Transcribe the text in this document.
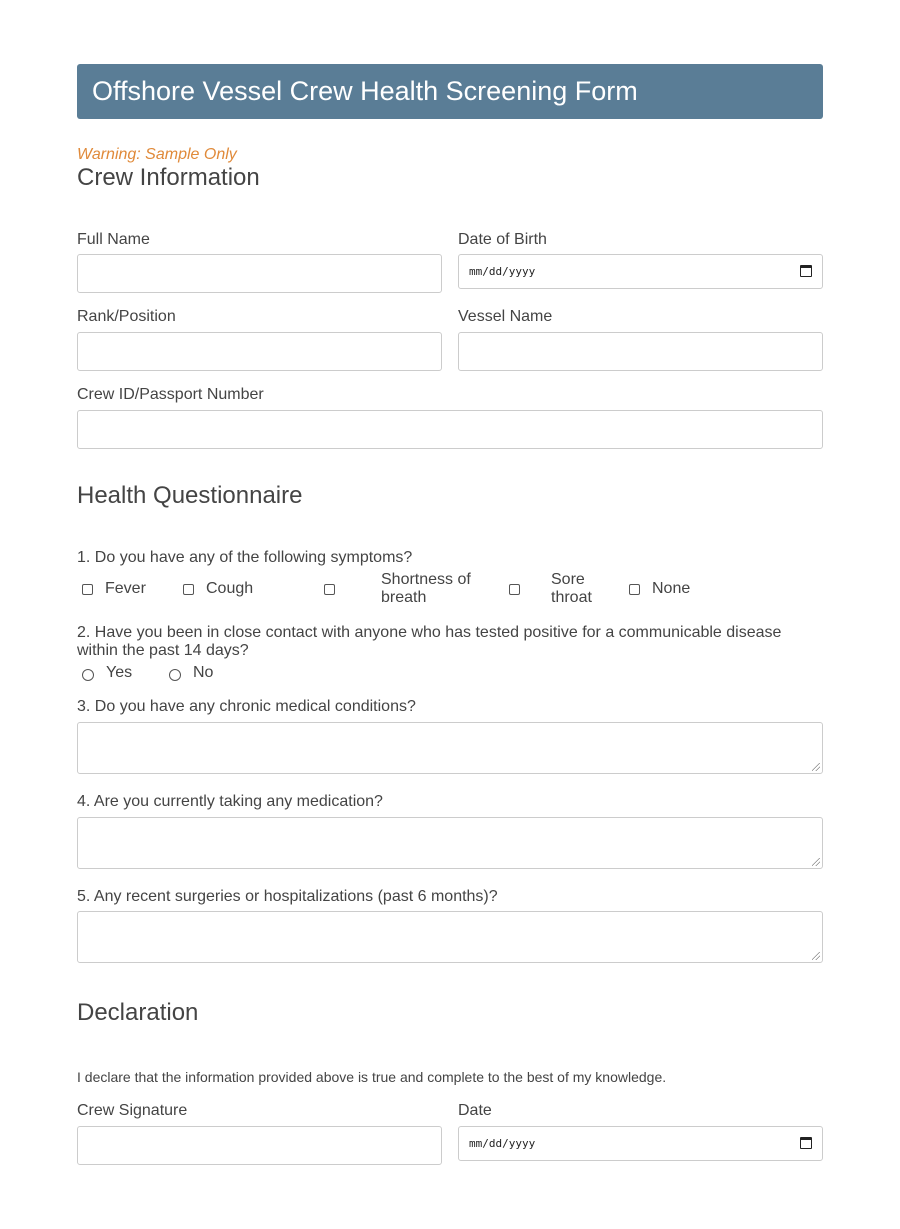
Offshore Vessel Crew Health Screening Form
Warning: Sample Only
Crew Information
Full Name	Date of Birth
mm/dd/yyyy
Rank/Position	Vessel Name
Crew ID/Passport Number
Health Questionnaire
1. Do you have any of the following symptoms?
Fever	Cough
Shortness of breath
Sore throat
None
2. Have you been in close contact with anyone who has tested positive for a communicable disease within the past 14 days?
Yes	No
3. Do you have any chronic medical conditions?
4. Are you currently taking any medication?
5. Any recent surgeries or hospitalizations (past 6 months)?
Declaration
I declare that the information provided above is true and complete to the best of my knowledge.
Crew Signature	Date
mm/dd/yyyy
